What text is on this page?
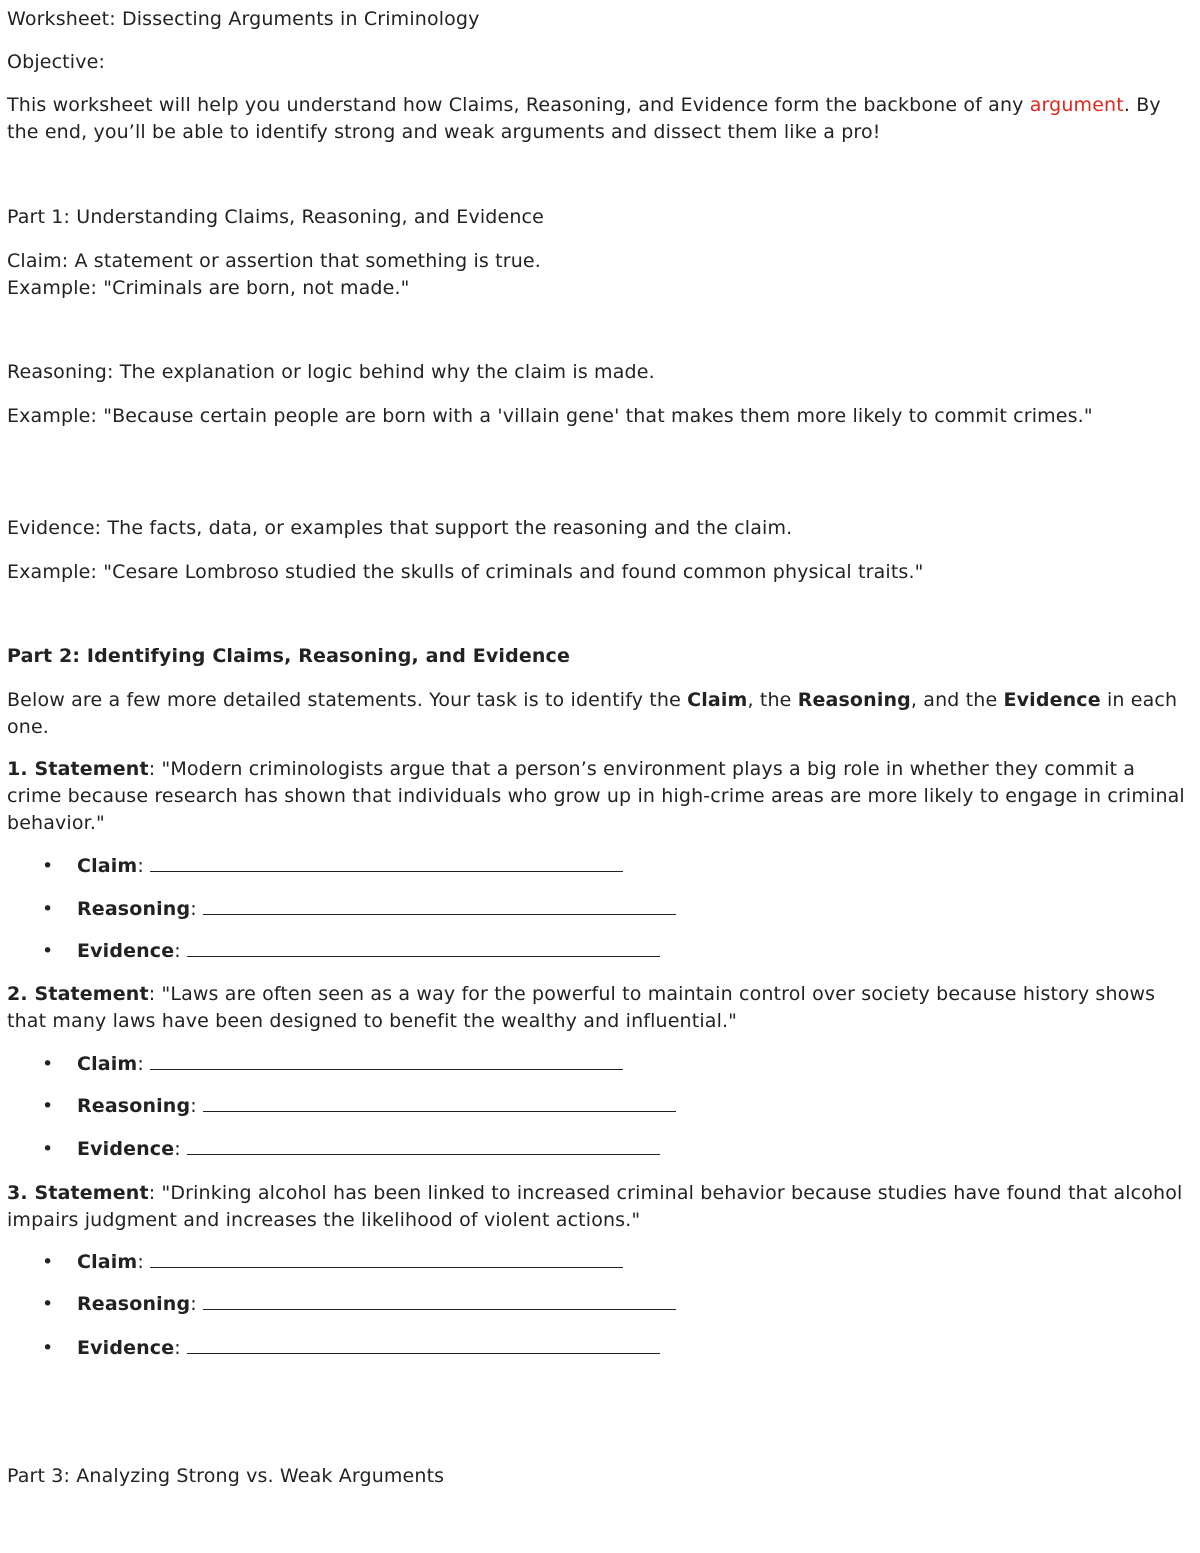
Worksheet: Dissecting Arguments in Criminology
Objective:
This worksheet will help you understand how Claims, Reasoning, and Evidence form the backbone of any argument. By the end, you’ll be able to identify strong and weak arguments and dissect them like a pro!
Part 1: Understanding Claims, Reasoning, and Evidence
Claim: A statement or assertion that something is true.
Example: "Criminals are born, not made."
Reasoning: The explanation or logic behind why the claim is made.
Example: "Because certain people are born with a 'villain gene' that makes them more likely to commit crimes."
Evidence: The facts, data, or examples that support the reasoning and the claim.
Example: "Cesare Lombroso studied the skulls of criminals and found common physical traits."
Part 2: Identifying Claims, Reasoning, and Evidence
Below are a few more detailed statements. Your task is to identify the Claim, the Reasoning, and the Evidence in each one.
1. Statement: "Modern criminologists argue that a person’s environment plays a big role in whether they commit a crime because research has shown that individuals who grow up in high-crime areas are more likely to engage in criminal behavior."
• Claim:
• Reasoning:
• Evidence:
2. Statement: "Laws are often seen as a way for the powerful to maintain control over society because history shows that many laws have been designed to benefit the wealthy and influential."
• Claim:
• Reasoning:
• Evidence:
3. Statement: "Drinking alcohol has been linked to increased criminal behavior because studies have found that alcohol impairs judgment and increases the likelihood of violent actions."
• Claim:
• Reasoning:
• Evidence:
Part 3: Analyzing Strong vs. Weak Arguments
